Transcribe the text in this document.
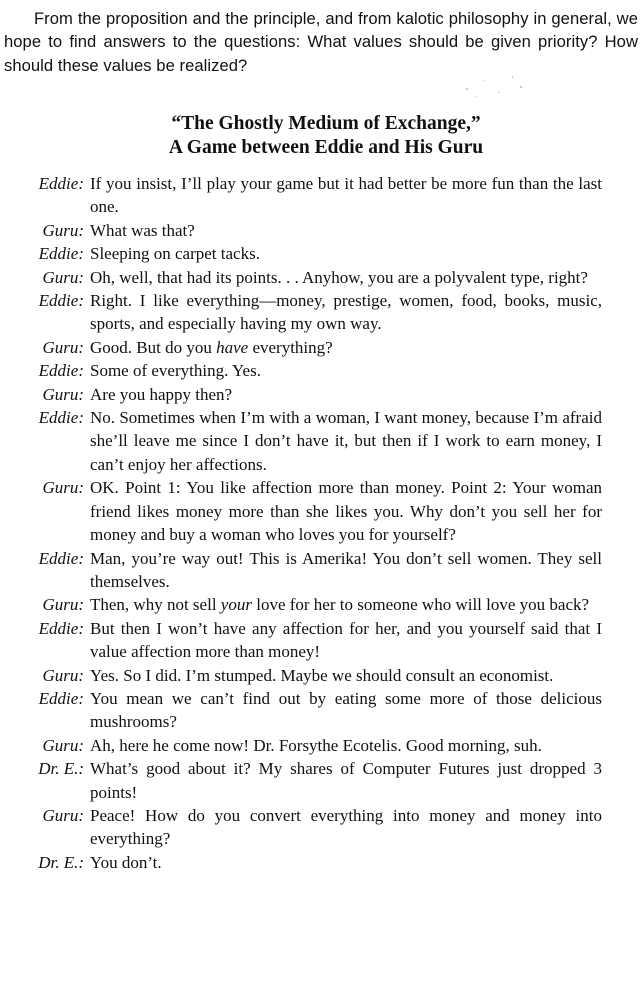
From the proposition and the principle, and from kalotic philosophy in general, we hope to find answers to the questions: What values should be given priority? How should these values be realized?

“The Ghostly Medium of Exchange,”
A Game between Eddie and His Guru
Eddie: If you insist, I’ll play your game but it had better be more fun than the last one.
Guru: What was that?
Eddie: Sleeping on carpet tacks.
Guru: Oh, well, that had its points. . . Anyhow, you are a polyvalent type, right?
Eddie: Right. I like everything—money, prestige, women, food, books, music, sports, and especially having my own way.
Guru: Good. But do you have everything?
Eddie: Some of everything. Yes.
Guru: Are you happy then?
Eddie: No. Sometimes when I’m with a woman, I want money, because I’m afraid she’ll leave me since I don’t have it, but then if I work to earn money, I can’t enjoy her affections.
Guru: OK. Point 1: You like affection more than money. Point 2: Your woman friend likes money more than she likes you. Why don’t you sell her for money and buy a woman who loves you for yourself?
Eddie: Man, you’re way out! This is Amerika! You don’t sell women. They sell themselves.
Guru: Then, why not sell your love for her to someone who will love you back?
Eddie: But then I won’t have any affection for her, and you yourself said that I value affection more than money!
Guru: Yes. So I did. I’m stumped. Maybe we should consult an economist.
Eddie: You mean we can’t find out by eating some more of those delicious mushrooms?
Guru: Ah, here he come now! Dr. Forsythe Ecotelis. Good morning, suh.
Dr. E.: What’s good about it? My shares of Computer Futures just dropped 3 points!
Guru: Peace! How do you convert everything into money and money into everything?
Dr. E.: You don’t.
